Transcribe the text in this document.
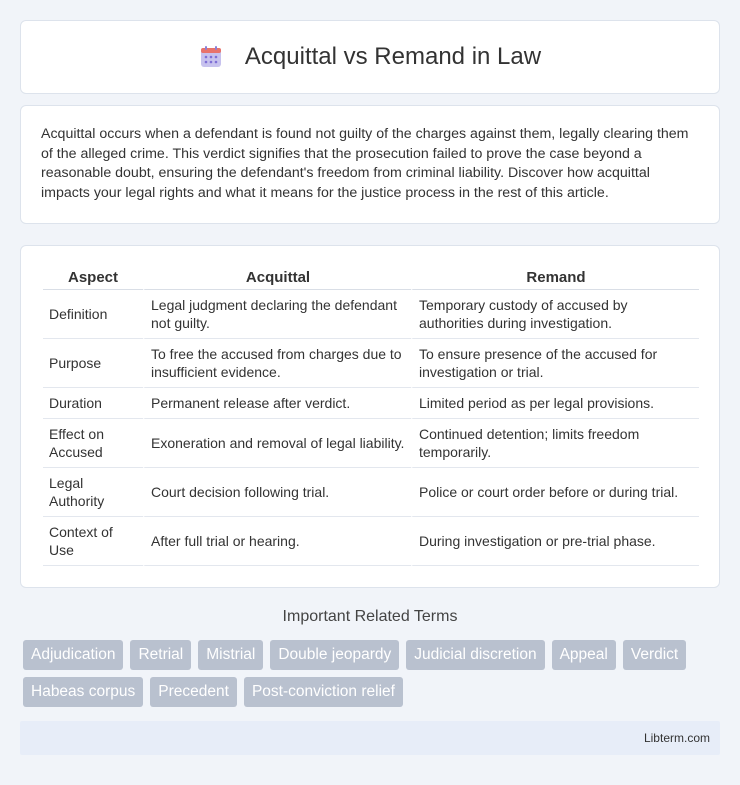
Acquittal vs Remand in Law

Acquittal occurs when a defendant is found not guilty of the charges against them, legally clearing them of the alleged crime. This verdict signifies that the prosecution failed to prove the case beyond a reasonable doubt, ensuring the defendant's freedom from criminal liability. Discover how acquittal impacts your legal rights and what it means for the justice process in the rest of this article.

Aspect	Acquittal	Remand
Definition	Legal judgment declaring the defendant not guilty.	Temporary custody of accused by authorities during investigation.
Purpose	To free the accused from charges due to insufficient evidence.	To ensure presence of the accused for investigation or trial.
Duration	Permanent release after verdict.	Limited period as per legal provisions.
Effect on Accused	Exoneration and removal of legal liability.	Continued detention; limits freedom temporarily.
Legal Authority	Court decision following trial.	Police or court order before or during trial.
Context of Use	After full trial or hearing.	During investigation or pre-trial phase.
Important Related Terms
Adjudication	Retrial	Mistrial	Double jeopardy	Judicial discretion	Appeal	Verdict
Habeas corpus	Precedent	Post-conviction relief
Libterm.com
